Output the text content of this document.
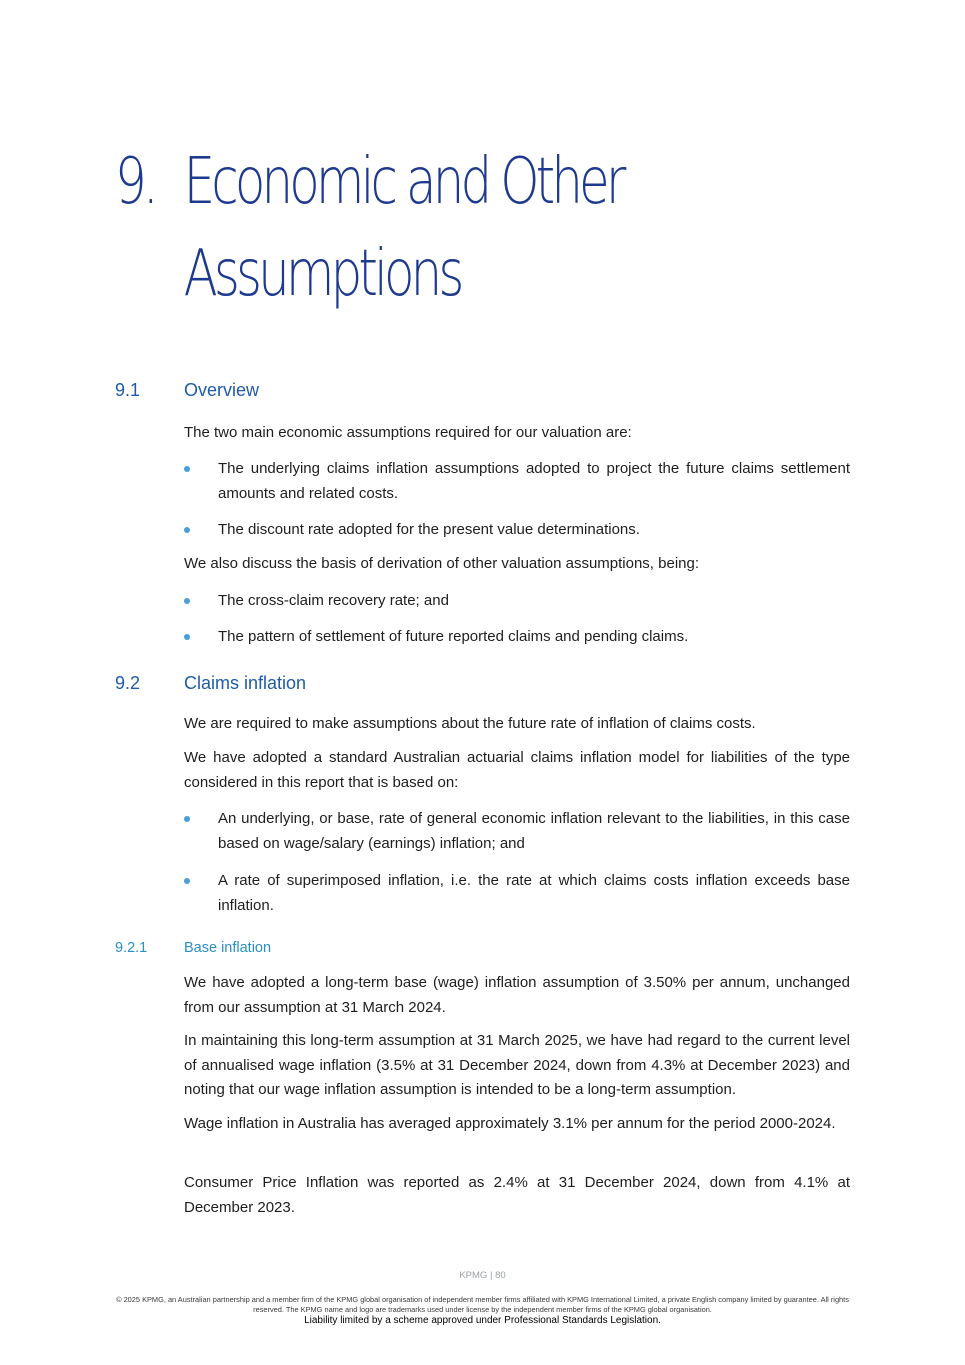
9. Economic and Other
Assumptions
9.1 Overview

The two main economic assumptions required for our valuation are:

The underlying claims inflation assumptions adopted to project the future claims settlement amounts and related costs.
The discount rate adopted for the present value determinations.

We also discuss the basis of derivation of other valuation assumptions, being:

The cross-claim recovery rate; and
The pattern of settlement of future reported claims and pending claims.
9.2 Claims inflation

We are required to make assumptions about the future rate of inflation of claims costs.

We have adopted a standard Australian actuarial claims inflation model for liabilities of the type considered in this report that is based on:

An underlying, or base, rate of general economic inflation relevant to the liabilities, in this case based on wage/salary (earnings) inflation; and
A rate of superimposed inflation, i.e. the rate at which claims costs inflation exceeds base inflation.
9.2.1	Base inflation

We have adopted a long-term base (wage) inflation assumption of 3.50% per annum, unchanged from our assumption at 31 March 2024.

In maintaining this long-term assumption at 31 March 2025, we have had regard to the current level of annualised wage inflation (3.5% at 31 December 2024, down from 4.3% at December 2023) and noting that our wage inflation assumption is intended to be a long-term assumption.

Wage inflation in Australia has averaged approximately 3.1% per annum for the period 2000-2024.

Consumer Price Inflation was reported as 2.4% at 31 December 2024, down from 4.1% at December 2023.

KPMG | 80
© 2025 KPMG, an Australian partnership and a member firm of the KPMG global organisation of independent member firms affiliated with KPMG International Limited, a private English company limited by guarantee. All rights reserved. The KPMG name and logo are trademarks used under license by the independent member firms of the KPMG global organisation.
Liability limited by a scheme approved under Professional Standards Legislation.
